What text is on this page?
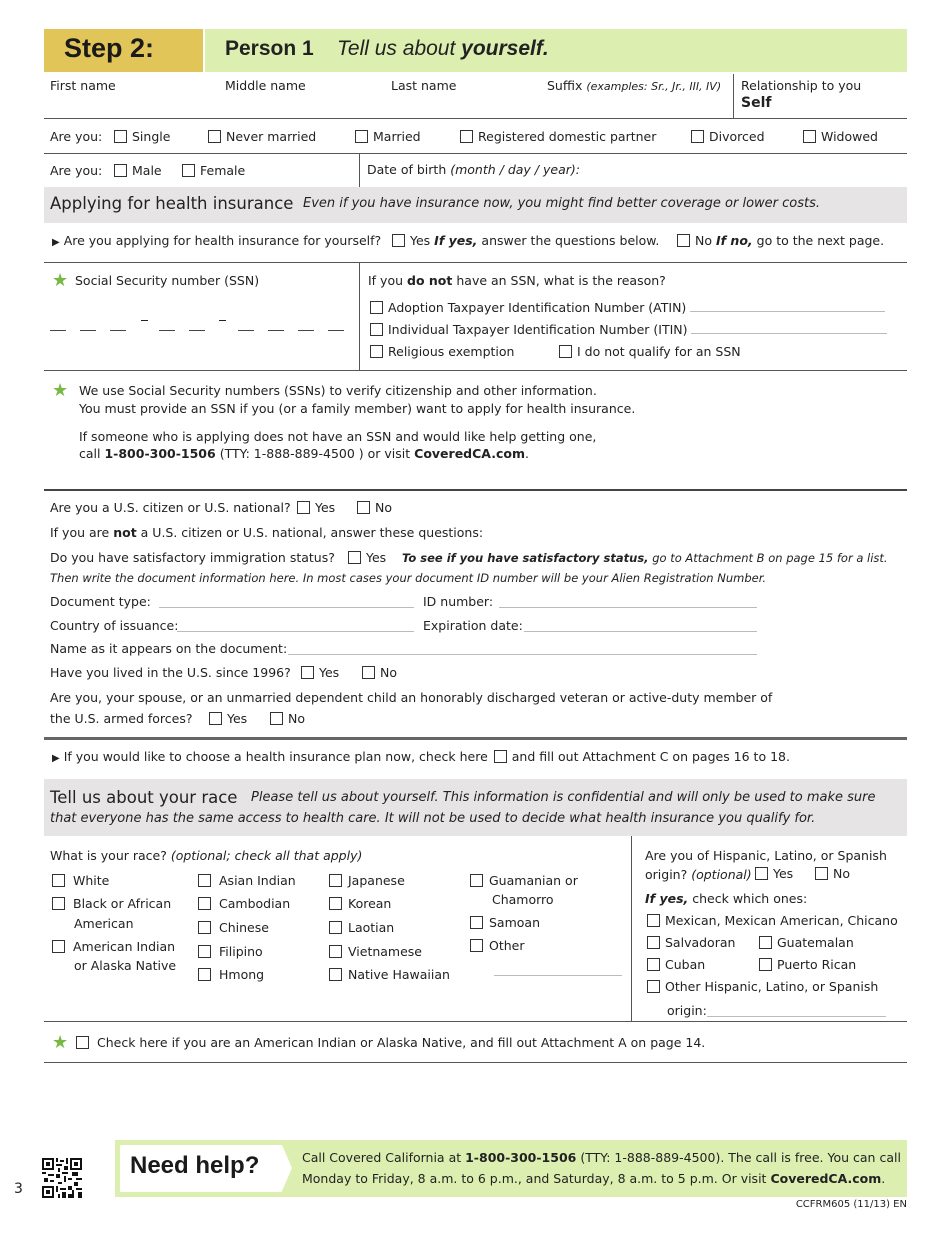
Step 2:	Person 1 Tell us about yourself.
First name	Middle name	Last name	Suffix (examples: Sr., Jr., III, IV) Relationship to you
Self
Are you:	Single	Never married	Married	Registered domestic partner	Divorced	Widowed
Are you:	Male	Female	Date of birth (month / day / year):
Applying for health insurance Even if you have insurance now, you might find better coverage or lower costs.
▶ Are you applying for health insurance for yourself?	Yes If yes, answer the questions below.	No If no, go to the next page.
★ Social Security number (SSN)	If you do not have an SSN, what is the reason?
Adoption Taxpayer Identification Number (ATIN)
Individual Taxpayer Identification Number (ITIN)
Religious exemption	I do not qualify for an SSN
★ We use Social Security numbers (SSNs) to verify citizenship and other information.
You must provide an SSN if you (or a family member) want to apply for health insurance.
If someone who is applying does not have an SSN and would like help getting one,
call 1-800-300-1506 (TTY: 1-888-889-4500 ) or visit CoveredCA.com.
Are you a U.S. citizen or U.S. national?	Yes	No
If you are not a U.S. citizen or U.S. national, answer these questions:
Do you have satisfactory immigration status?	Yes To see if you have satisfactory status, go to Attachment B on page 15 for a list.
Then write the document information here. In most cases your document ID number will be your Alien Registration Number.
Document type:	ID number:
Country of issuance:	Expiration date:
Name as it appears on the document:
Have you lived in the U.S. since 1996?	Yes	No
Are you, your spouse, or an unmarried dependent child an honorably discharged veteran or active-duty member of
the U.S. armed forces?	Yes	No
▶ If you would like to choose a health insurance plan now, check here and fill out Attachment C on pages 16 to 18.
Tell us about your race Please tell us about yourself. This information is confidential and will only be used to make sure
that everyone has the same access to health care. It will not be used to decide what health insurance you qualify for.
What is your race? (optional; check all that apply)
White
Black or African
American
American Indian
or Alaska Native
Asian Indian
Cambodian
Chinese
Filipino
Hmong
Japanese
Korean
Laotian
Vietnamese
Native Hawaiian
Guamanian or
Chamorro
Samoan
Other
Are you of Hispanic, Latino, or Spanish
origin? (optional)	Yes	No
If yes, check which ones:
Mexican, Mexican American, Chicano
Salvadoran	Guatemalan
Cuban	Puerto Rican
Other Hispanic, Latino, or Spanish
origin:
★	Check here if you are an American Indian or Alaska Native, and fill out Attachment A on page 14.
3
Need help?	Call Covered California at 1-800-300-1506 (TTY: 1-888-889-4500). The call is free. You can call
Monday to Friday, 8 a.m. to 6 p.m., and Saturday, 8 a.m. to 5 p.m. Or visit CoveredCA.com.
CCFRM605 (11/13) EN
